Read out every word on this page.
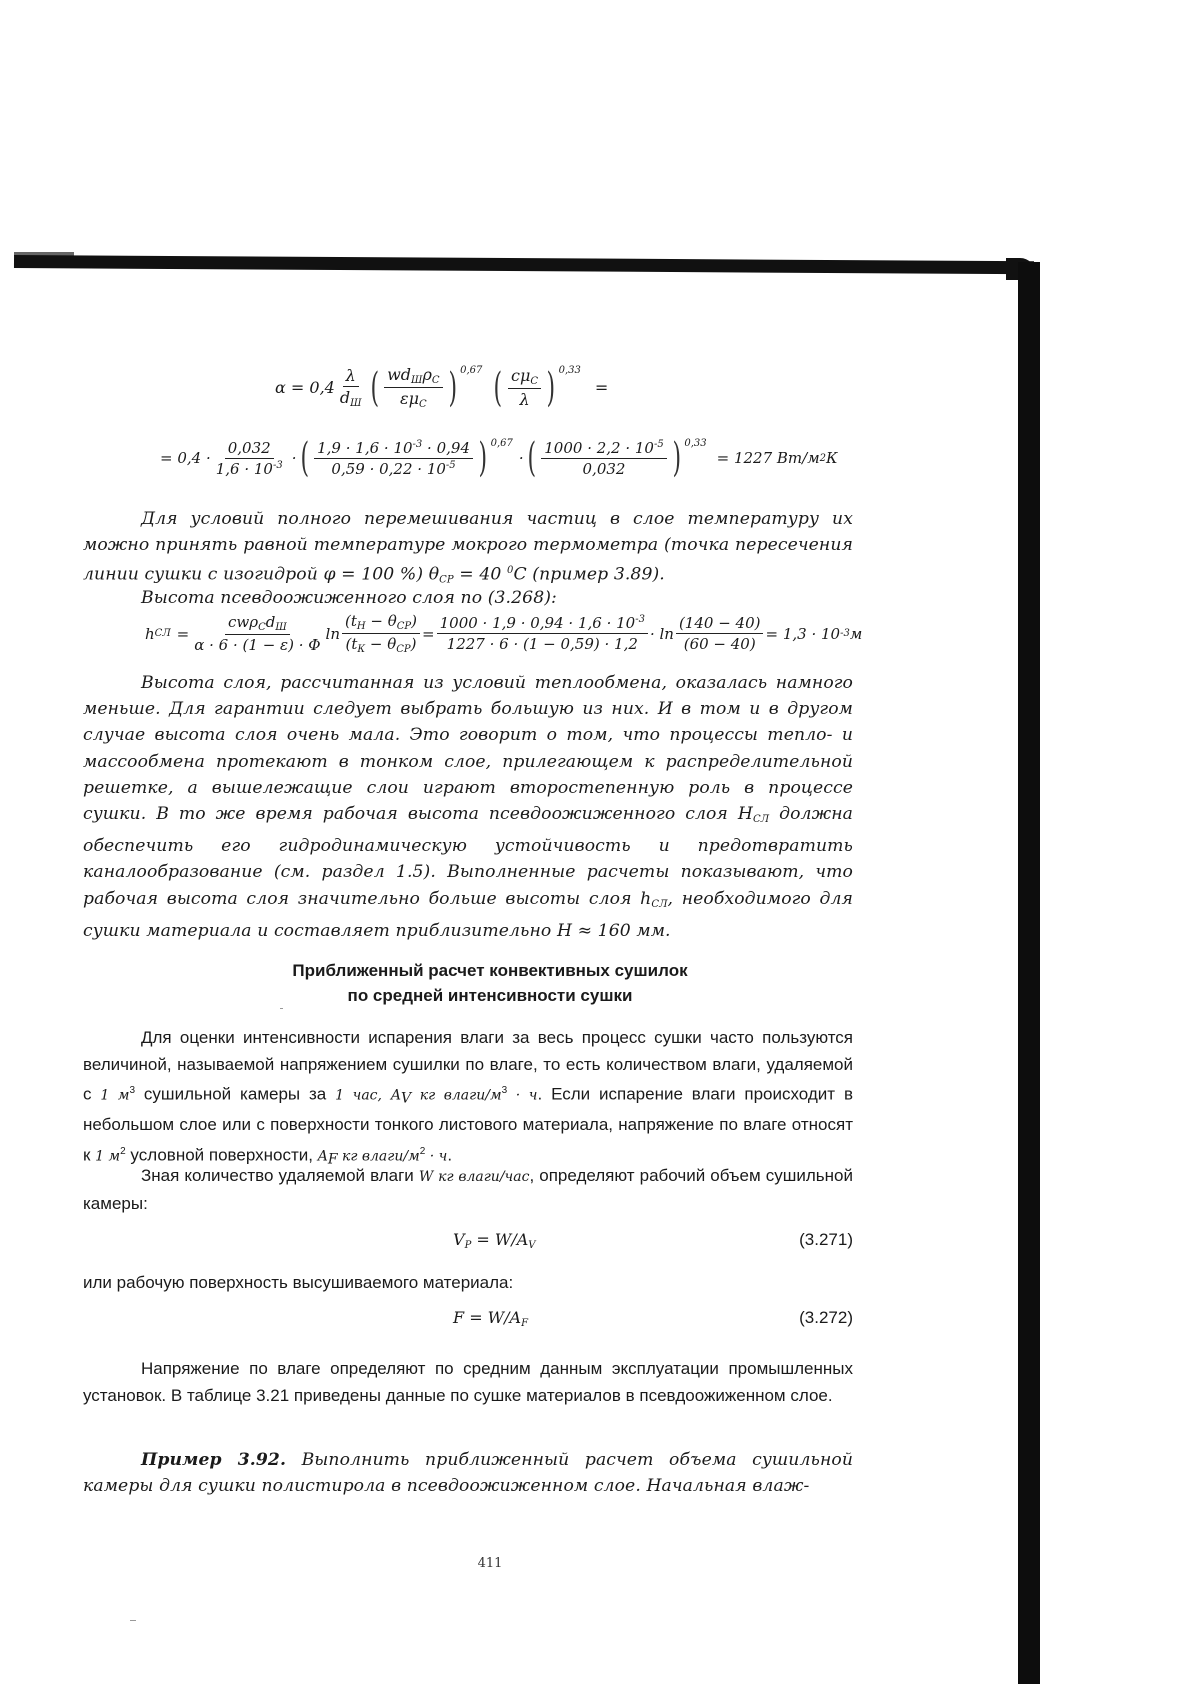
$\alpha = 0,4 \frac{\lambda}{d_Ш}$ ( $\frac{wd_Ш\rho_С}{\varepsilon\mu_С}$ ) $^{0,67}$ ( $\frac{c\mu_С}{\lambda}$ ) $^{0,33}$
=
= $0,4 \cdot \frac{0,032}{1,6 \cdot 10^{-3}}$ · ( $\frac{1,9 \cdot 1,6 \cdot 10^{-3} \cdot 0,94}{0,59 \cdot 0,22 \cdot 10^{-5}}$ ) $^{0,67}$
· ( $\frac{1000 \cdot 2,2 \cdot 10^{-5}}{0,032}$ ) $^{0,33}$
= 1227 Вт/м 2 К

Для условий полного перемешивания частиц в слое температуру их можно принять равной температуре мокрого термометра (точка пересечения линии сушки с изогидрой φ = 100 %) $\theta_{СР} = 40$ $^0$С (пример 3.89).

Высота псевдоожиженного слоя по (3.268):

h СЛ = $\frac{cw\rho_Cd_Ш}{\alpha \cdot 6 \cdot (1 - \varepsilon) \cdot \Phi}$ $\ln \frac{(t_Н - \theta_{СР})}{(t_К - \theta_{СР})} = \frac{1000 \cdot 1,9 \cdot 0,94 \cdot 1,6 \cdot 10^{-3}}{1227 \cdot 6 \cdot (1 - 0,59) \cdot 1,2} \cdot \ln \frac{(140 - 40)}{(60 - 40)} = 1,3 \cdot 10$ -3 м

Высота слоя, рассчитанная из условий теплообмена, оказалась намного меньше. Для гарантии следует выбрать большую из них. И в том и в другом случае высота слоя очень мала. Это говорит о том, что процессы тепло- и массообмена протекают в тонком слое, прилегающем к распределительной решетке, а вышележащие слои играют второстепенную роль в процессе сушки. В то же время рабочая высота псевдоожиженного слоя $H_{СЛ}$ должна обеспечить его гидродинамическую устойчивость и предотвратить каналообразование (см. раздел 1.5). Выполненные расчеты показывают, что рабочая высота слоя значительно больше высоты слоя $h_{СЛ}$, необходимого для сушки материала и составляет приблизительно H ≈ 160 мм.

Приближенный расчет конвективных сушилок
по средней интенсивности сушки

Для оценки интенсивности испарения влаги за весь процесс сушки часто пользуются величиной, называемой напряжением сушилки по влаге, то есть количеством влаги, удаляемой с 1 $м^3$ сушильной камеры за 1 час, $A_V$ кг влаги/$м^3 \cdot ч$. Если испарение влаги происходит в небольшом слое или с поверхности тонкого листового материала, напряжение по влаге относят к 1 $м^2$ условной поверхности, $A_F$ кг влаги/$м^2 \cdot ч$.

Зная количество удаляемой влаги W кг влаги/час, определяют рабочий объем сушильной камеры:

$V_P = W/A_V$	(3.271)

или рабочую поверхность высушиваемого материала:

$F = W/A_F$	(3.272)

Напряжение по влаге определяют по средним данным эксплуатации промышленных установок. В таблице 3.21 приведены данные по сушке материалов в псевдоожиженном слое.

Пример 3.92. Выполнить приближенный расчет объема сушильной камеры для сушки полистирола в псевдоожиженном слое. Начальная влаж-

411
